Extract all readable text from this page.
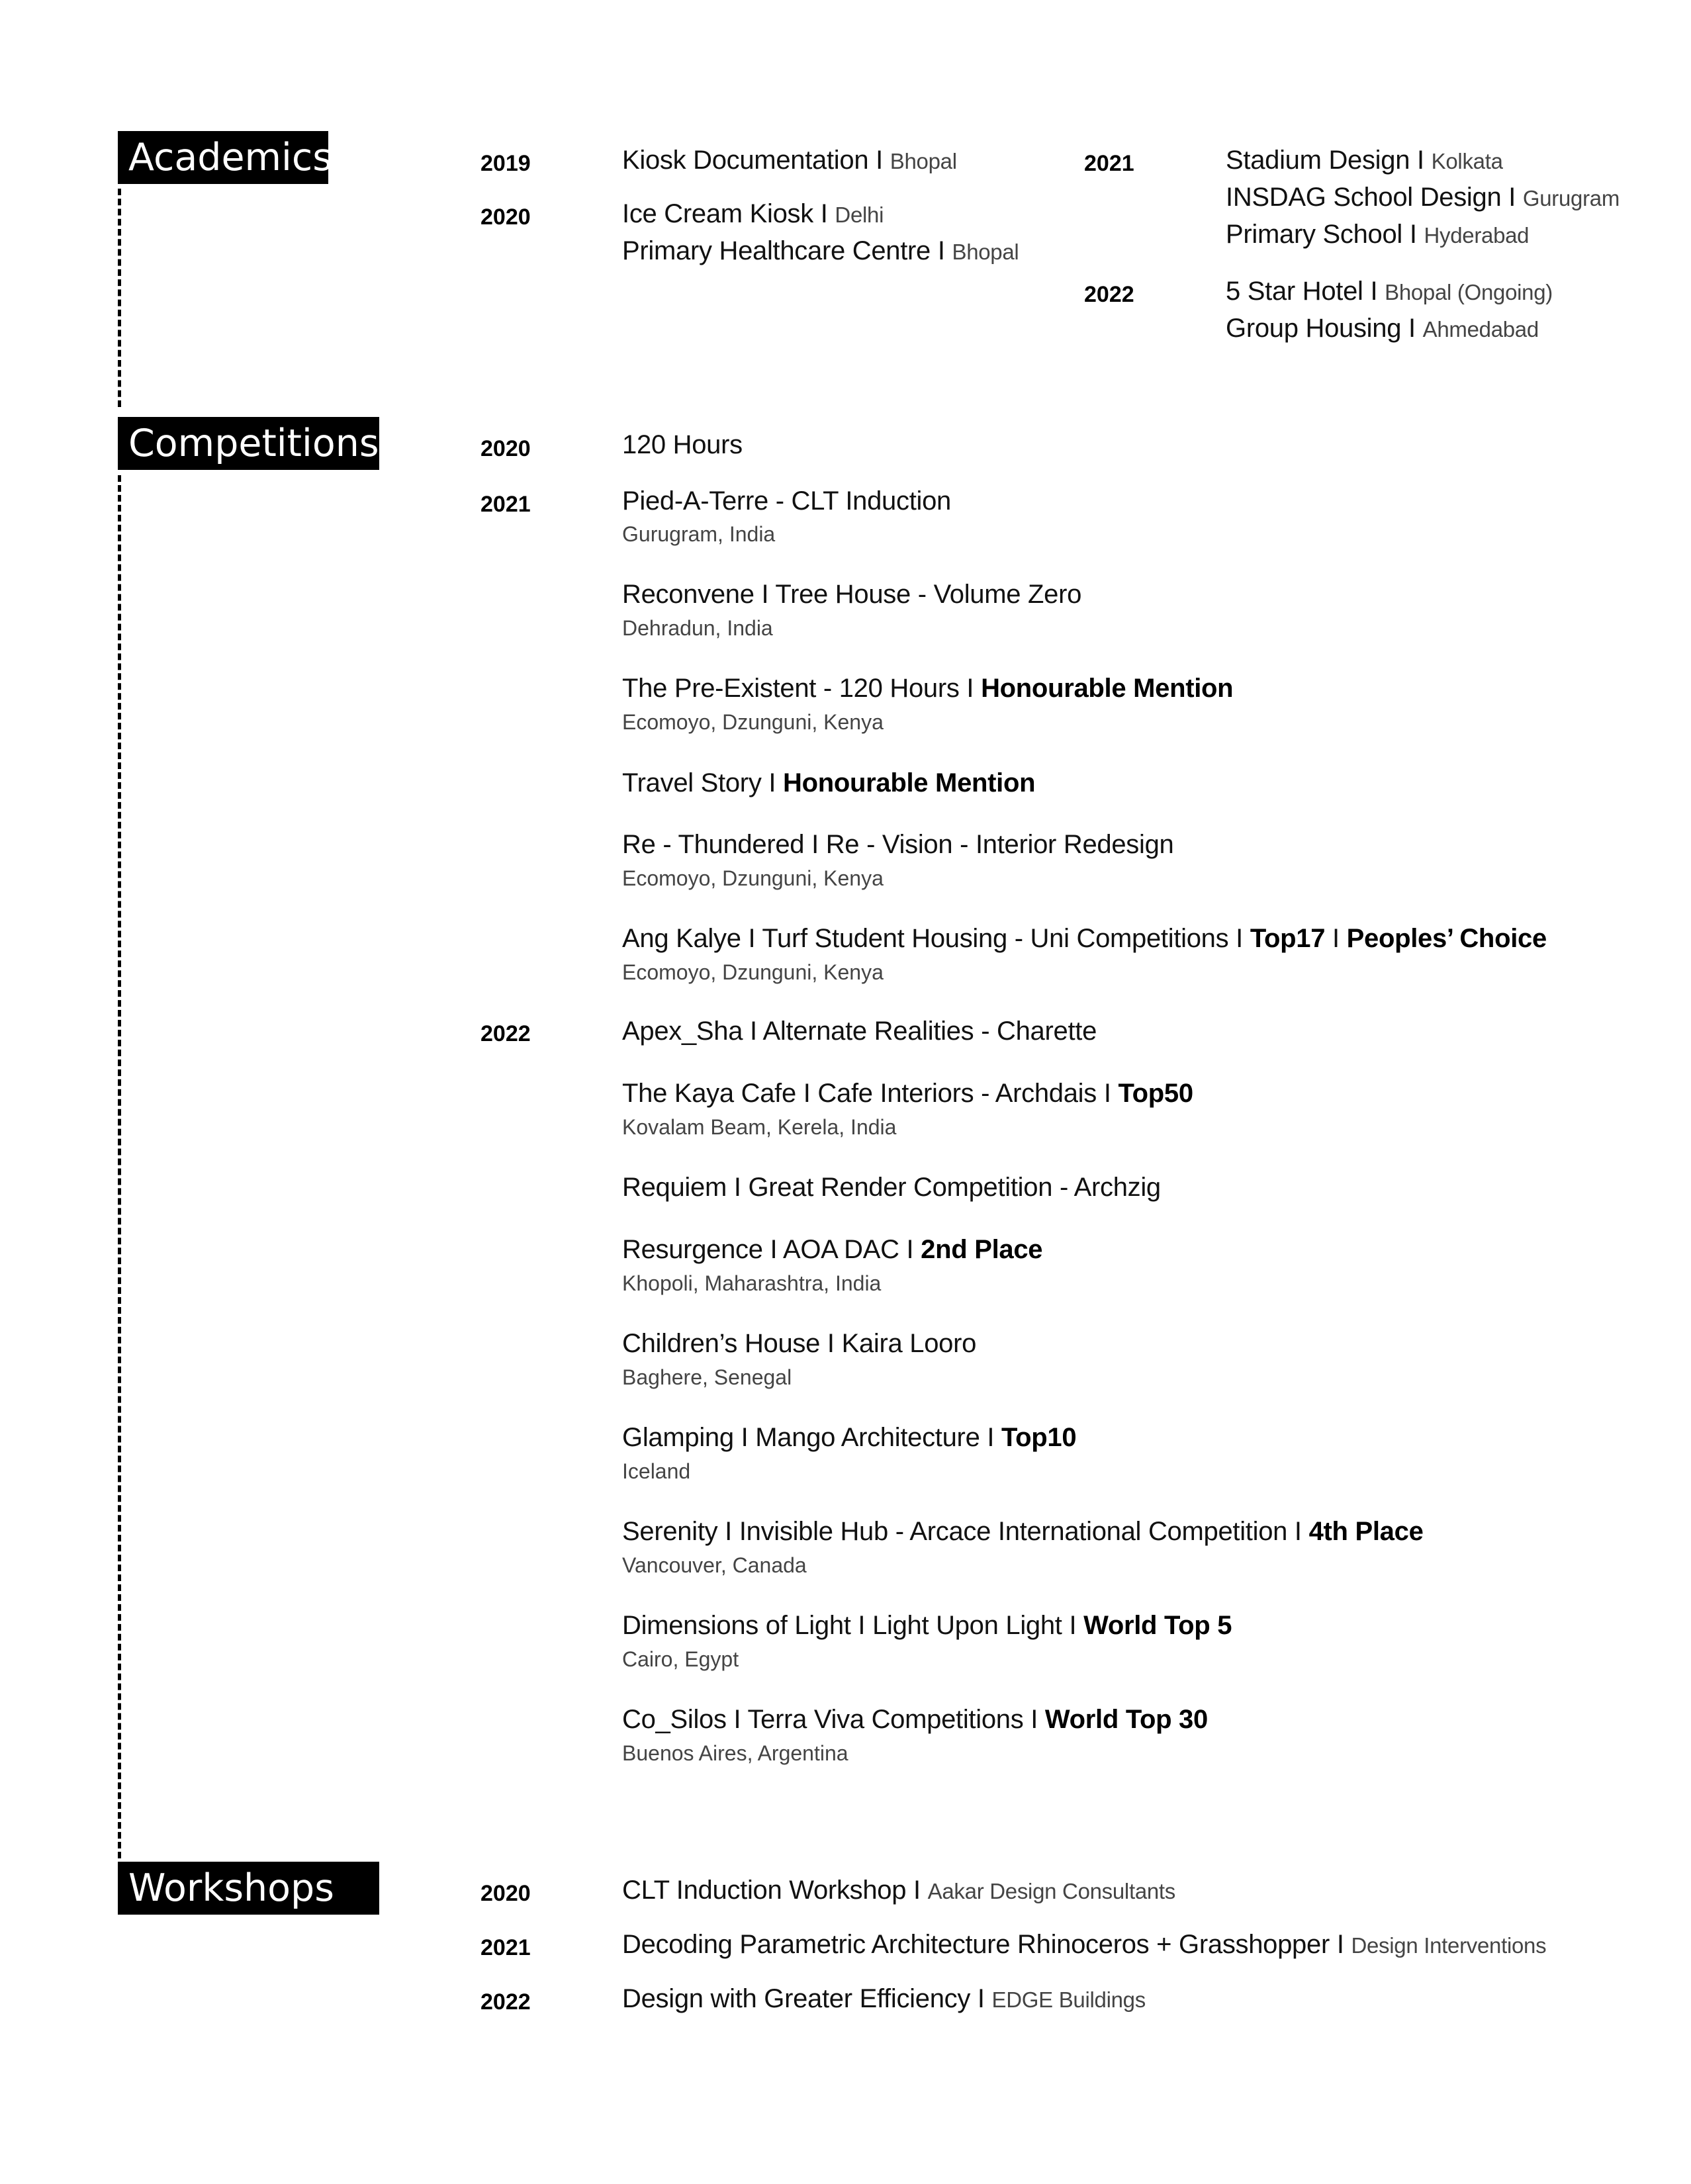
Academics	2019	Kiosk Documentation I Bhopal
2020	Ice Cream Kiosk I Delhi
Primary Healthcare Centre I Bhopal
2021	Stadium Design I Kolkata
INSDAG School Design I Gurugram
Primary School I Hyderabad
2022	5 Star Hotel I Bhopal (Ongoing)
Group Housing I Ahmedabad
Competitions	2020	120 Hours
2021	Pied-A-Terre - CLT Induction
Gurugram, India
Reconvene I Tree House - Volume Zero
Dehradun, India
The Pre-Existent - 120 Hours I Honourable Mention
Ecomoyo, Dzunguni, Kenya
Travel Story I Honourable Mention
Re - Thundered I Re - Vision - Interior Redesign
Ecomoyo, Dzunguni, Kenya
Ang Kalye I Turf Student Housing - Uni Competitions I Top17 I Peoples’ Choice
Ecomoyo, Dzunguni, Kenya
2022	Apex_Sha I Alternate Realities - Charette
The Kaya Cafe I Cafe Interiors - Archdais I Top50
Kovalam Beam, Kerela, India
Requiem I Great Render Competition - Archzig
Resurgence I AOA DAC I 2nd Place
Khopoli, Maharashtra, India
Children’s House I Kaira Looro
Baghere, Senegal
Glamping I Mango Architecture I Top10
Iceland
Serenity I Invisible Hub - Arcace International Competition I 4th Place
Vancouver, Canada
Dimensions of Light I Light Upon Light I World Top 5
Cairo, Egypt
Co_Silos I Terra Viva Competitions I World Top 30
Buenos Aires, Argentina
Workshops	2020	CLT Induction Workshop I Aakar Design Consultants
2021	Decoding Parametric Architecture Rhinoceros + Grasshopper I Design Interventions
2022	Design with Greater Efficiency I EDGE Buildings
